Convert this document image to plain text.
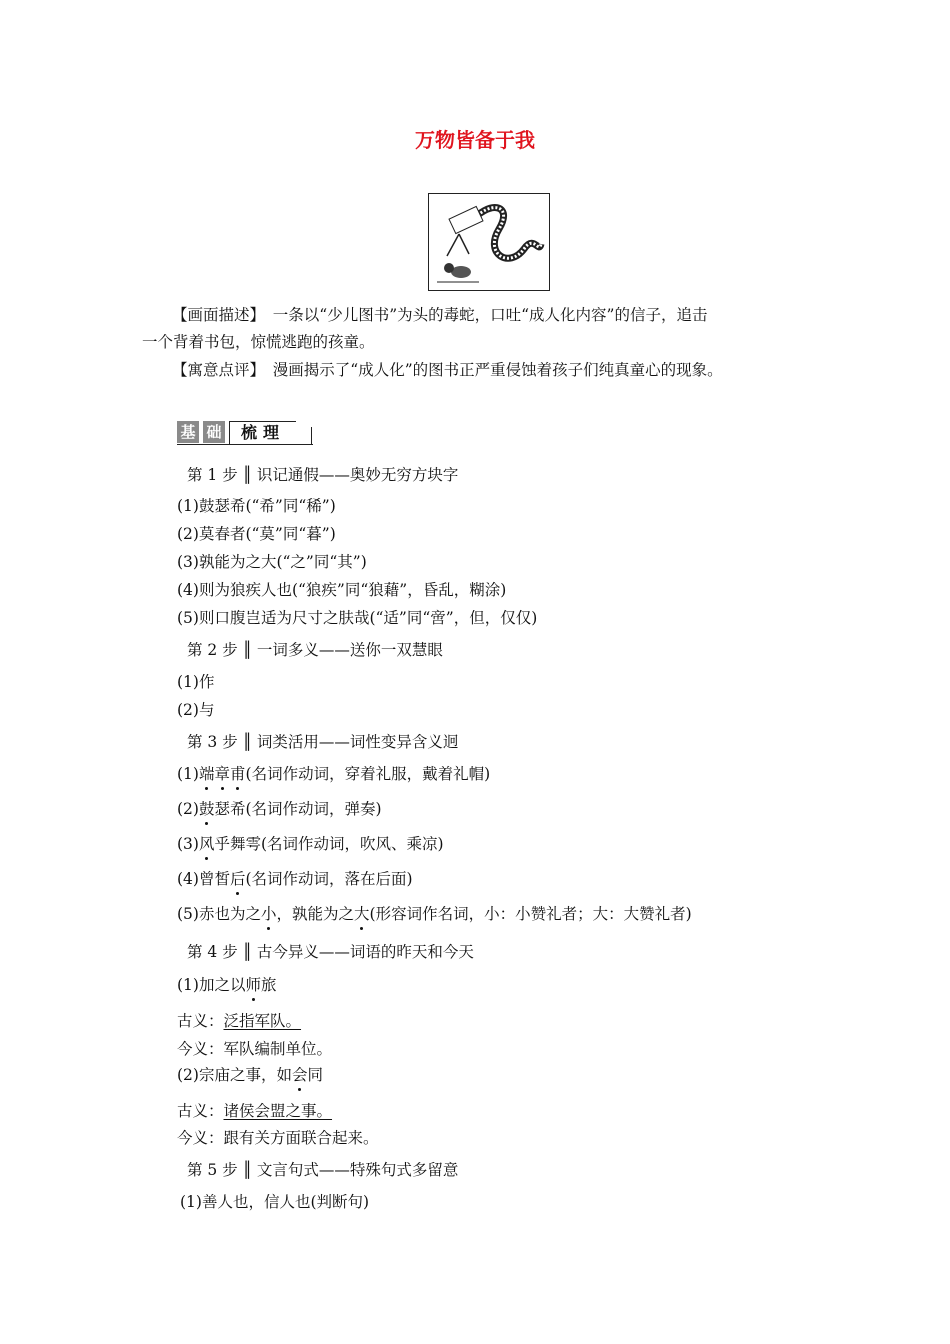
万物皆备于我
【画面描述】　 一条以“少儿图书”为头的毒蛇，口吐“成人化内容”的信子，追击
一个背着书包，惊慌逃跑的孩童。
【寓意点评】　 漫画揭示了“成人化”的图书正严重侵蚀着孩子们纯真童心的现象。
基 础	梳理
第 1 步 ║ 识记通假——奥妙无穷方块字
(1)鼓瑟希(“希”同“稀”)
(2)莫春者(“莫”同“暮”)
(3)孰能为之大(“之”同“其”)
(4)则为狼疾人也(“狼疾”同“狼藉”，昏乱，糊涂)
(5)则口腹岂适为尺寸之肤哉(“适”同“啻”，但，仅仅)
第 2 步 ║ 一词多义——送你一双慧眼
(1)作
(2)与
第 3 步 ║ 词类活用——词性变异含义迥
(1)端章甫(名词作动词，穿着礼服，戴着礼帽)
(2)鼓瑟希(名词作动词，弹奏)
(3)风乎舞雩(名词作动词，吹风、乘凉)
(4)曾皙后(名词作动词，落在后面)
(5)赤也为之小，孰能为之大(形容词作名词，小：小赞礼者；大：大赞礼者)
第 4 步 ║ 古今异义——词语的昨天和今天
(1)加之以师旅
古义：泛指军队。
今义：军队编制单位。
(2)宗庙之事，如会同
古义：诸侯会盟之事。
今义：跟有关方面联合起来。
第 5 步 ║ 文言句式——特殊句式多留意
(1)善人也，信人也(判断句)
